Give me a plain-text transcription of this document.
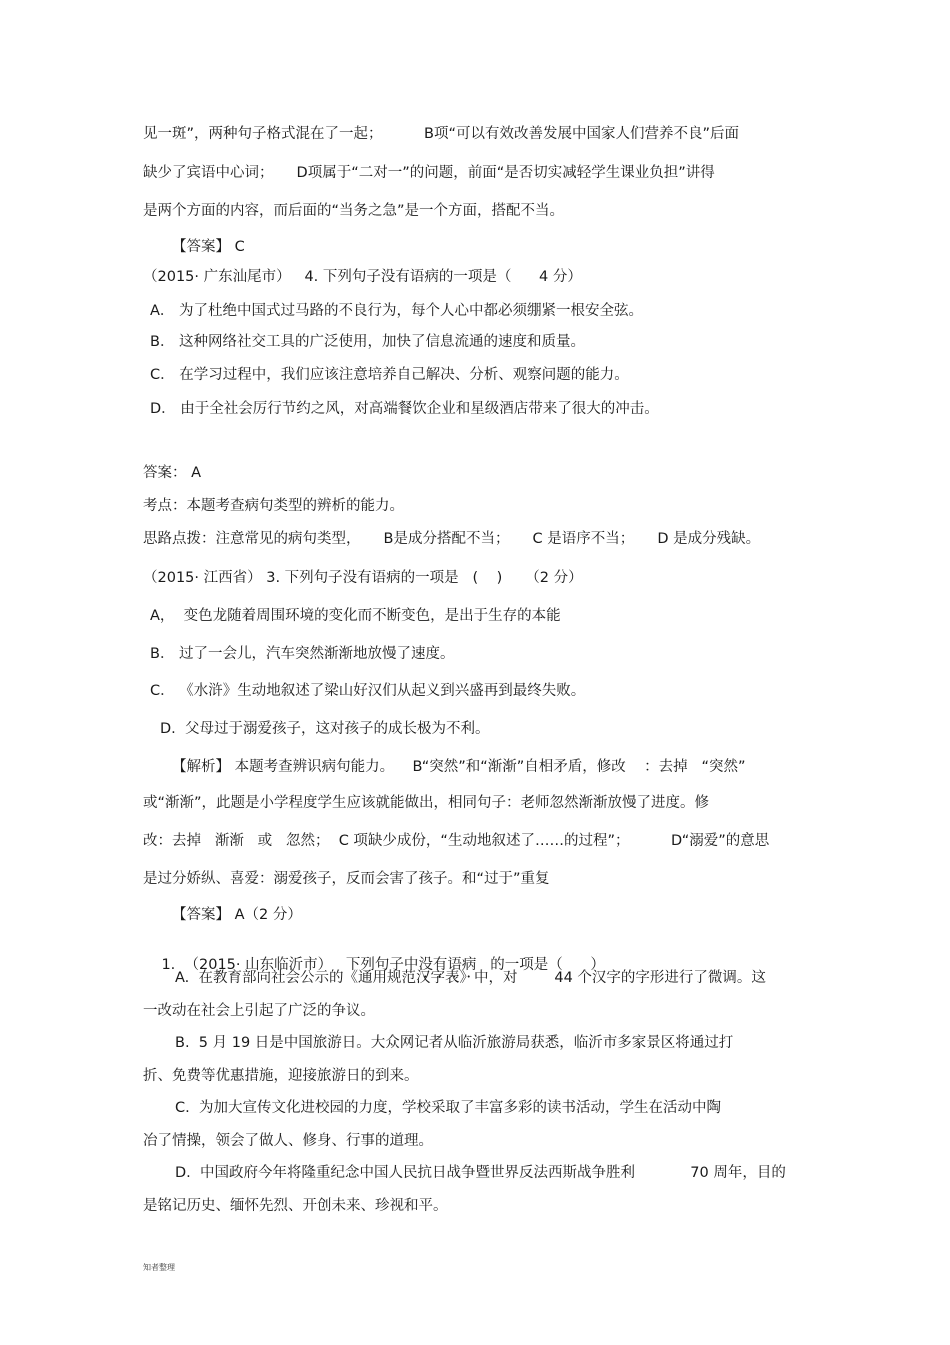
见一斑”，两种句子格式混在了一起；         B项“可以有效改善发展中国家人们营养不良”后面
缺少了宾语中心词；     D项属于“二对一”的问题，前面“是否切实减轻学生课业负担”讲得
是两个方面的内容，而后面的“当务之急”是一个方面，搭配不当。
【答案】 C
（2015· 广东汕尾市）   4. 下列句子没有语病的一项是（      4 分）
A． 为了杜绝中国式过马路的不良行为，每个人心中都必须绷紧一根安全弦。
B． 这种网络社交工具的广泛使用，加快了信息流通的速度和质量。
C． 在学习过程中，我们应该注意培养自己解决、分析、观察问题的能力。
D． 由于全社会厉行节约之风，对高端餐饮企业和星级酒店带来了很大的冲击。
答案： A
考点：本题考查病句类型的辨析的能力。
思路点拨：注意常见的病句类型，     B是成分搭配不当；     C 是语序不当；     D 是成分残缺。
（2015· 江西省） 3. 下列句子没有语病的一项是   (    )     （2 分）
A，  变色龙随着周围环境的变化而不断变色，是出于生存的本能
B． 过了一会儿，汽车突然渐渐地放慢了速度。
C． 《水浒》生动地叙述了梁山好汉们从起义到兴盛再到最终失败。
D.  父母过于溺爱孩子，这对孩子的成长极为不利。
【解析】 本题考查辨识病句能力。    B“突然”和“渐渐”自相矛盾，修改    ：去掉   “突然”
或“渐渐”，此题是小学程度学生应该就能做出，相同句子：老师忽然渐渐放慢了进度。修
改：去掉   渐渐   或   忽然；  C 项缺少成份，“生动地叙述了……的过程”；         D“溺爱”的意思
是过分娇纵、喜爱：溺爱孩子，反而会害了孩子。和“过于”重复
【答案】 A（2 分）

1.  （2015· 山东临沂市）   下列句子中没有语病   的一项是（      ）

A.  在教育部向社会公示的《通用规范汉字表》中，对        44 个汉字的字形进行了微调。这
一改动在社会上引起了广泛的争议。
B.  5 月 19 日是中国旅游日。大众网记者从临沂旅游局获悉，临沂市多家景区将通过打
折、免费等优惠措施，迎接旅游日的到来。
C.  为加大宣传文化进校园的力度，学校采取了丰富多彩的读书活动，学生在活动中陶
冶了情操，领会了做人、修身、行事的道理。
D.  中国政府今年将隆重纪念中国人民抗日战争暨世界反法西斯战争胜利            70 周年，目的
是铭记历史、缅怀先烈、开创未来、珍视和平。
知者整理
